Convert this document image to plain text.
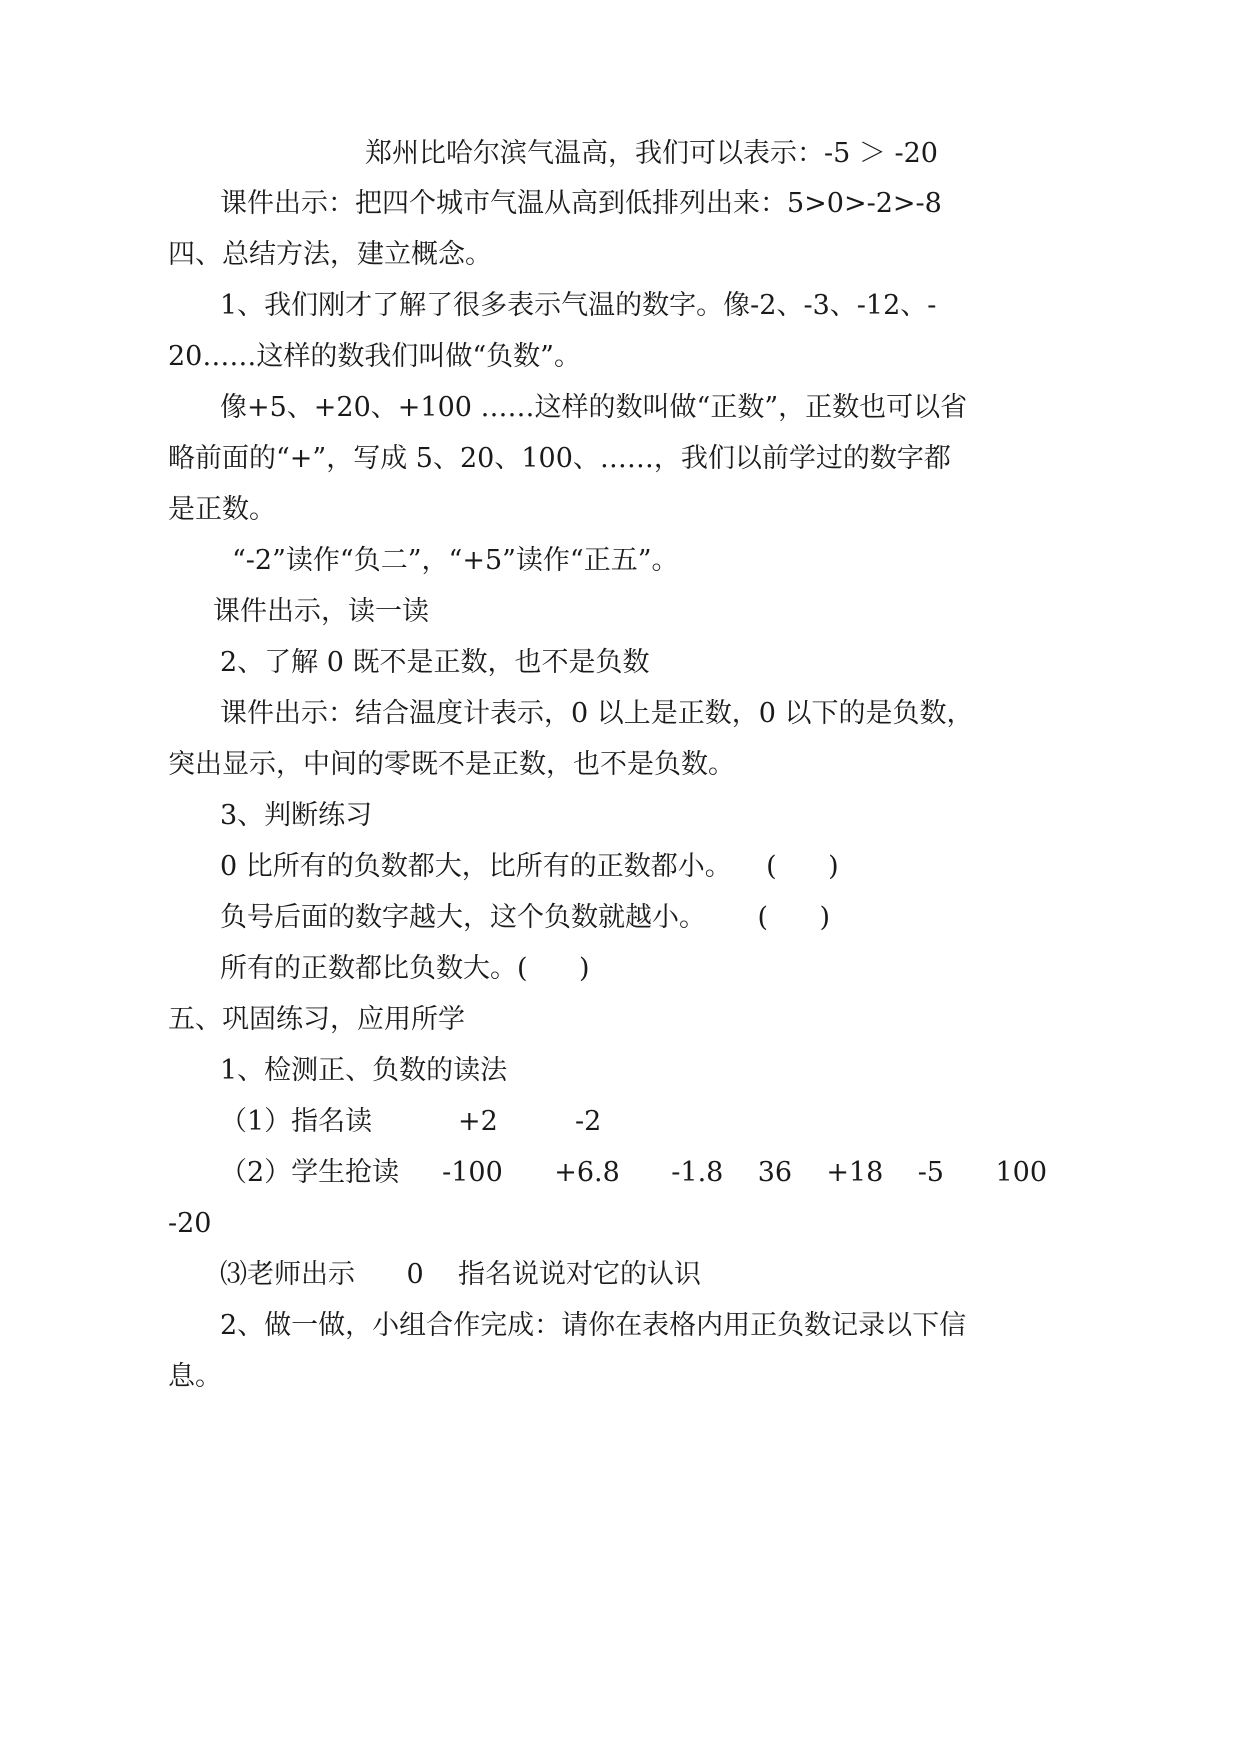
郑州比哈尔滨气温高，我们可以表示：-5 ＞ -20
课件出示：把四个城市气温从高到低排列出来：5>0>-2>-8
四、总结方法，建立概念。
1、我们刚才了解了很多表示气温的数字。像-2、-3、-12、-
20……这样的数我们叫做“负数”。
像+5、+20、+100 ……这样的数叫做“正数”，正数也可以省
略前面的“+”，写成 5、20、100、……，我们以前学过的数字都
是正数。
“-2”读作“负二”，“+5”读作“正五”。
课件出示，读一读
2、了解 0 既不是正数，也不是负数
课件出示：结合温度计表示，0 以上是正数，0 以下的是负数，
突出显示，中间的零既不是正数，也不是负数。
3、判断练习
0 比所有的负数都大，比所有的正数都小。    (      )
负号后面的数字越大，这个负数就越小。      (      )
所有的正数都比负数大。(      )
五、巩固练习，应用所学
1、检测正、负数的读法
（1）指名读          +2         -2
（2）学生抢读     -100      +6.8      -1.8    36    +18    -5      100
-20
⑶老师出示      0    指名说说对它的认识
2、做一做，小组合作完成：请你在表格内用正负数记录以下信
息。
